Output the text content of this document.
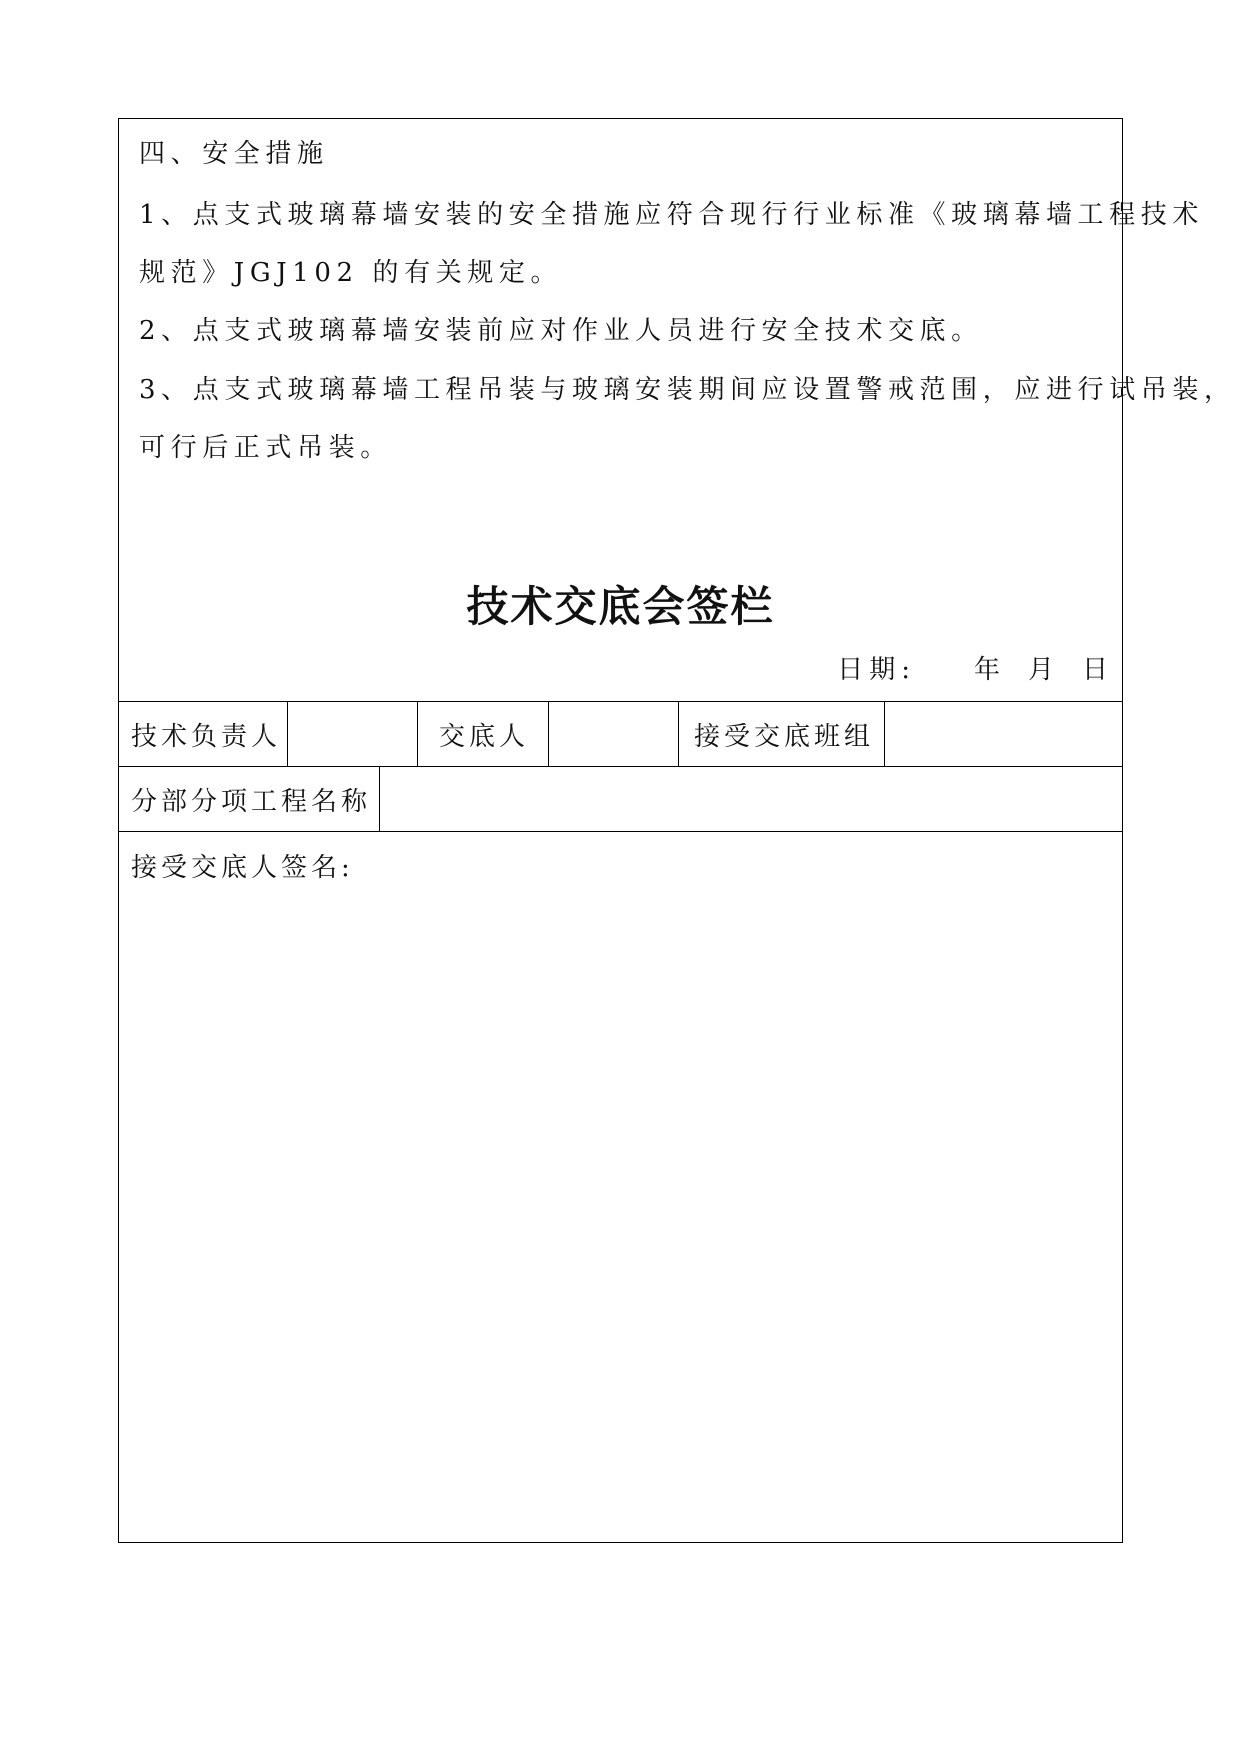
四、安全措施
1、点支式玻璃幕墙安装的安全措施应符合现行行业标准《玻璃幕墙工程技术
规范》JGJ102 的有关规定。
2、点支式玻璃幕墙安装前应对作业人员进行安全技术交底。
3、点支式玻璃幕墙工程吊装与玻璃安装期间应设置警戒范围，应进行试吊装，
可行后正式吊装。
技术交底会签栏
日期: 年 月 日
技术负责人	交底人	接受交底班组
分部分项工程名称
接受交底人签名:
